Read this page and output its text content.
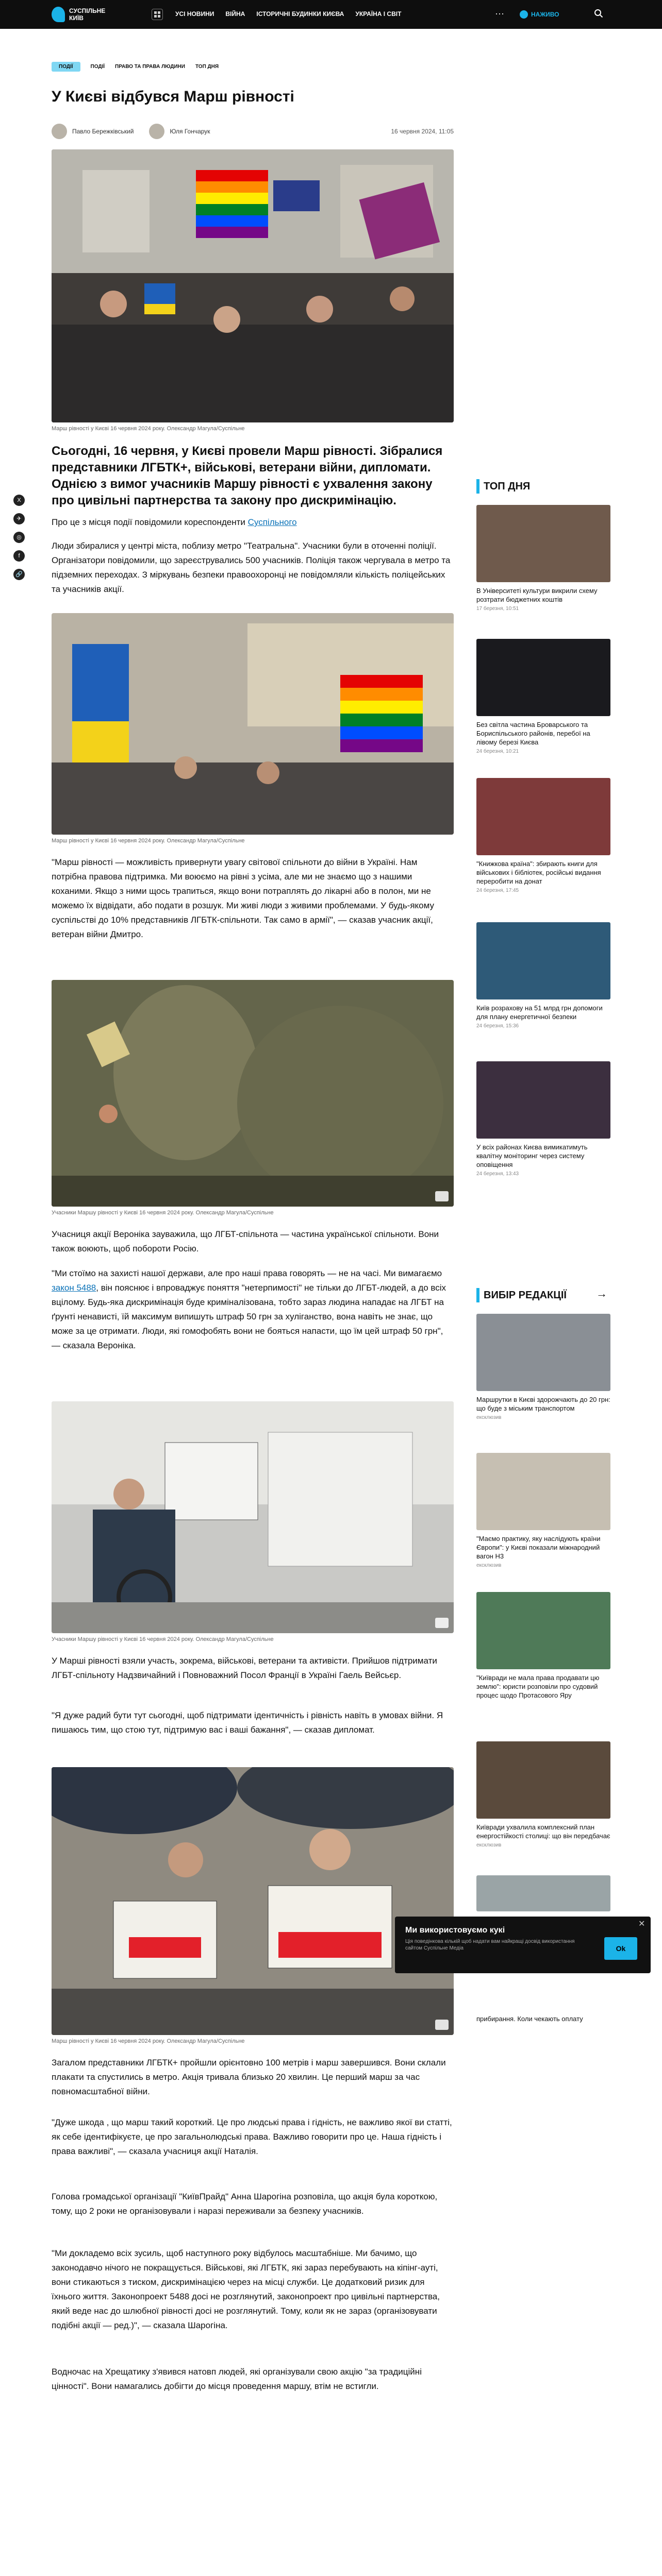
СУСПІЛЬНЕ
КИЇВ
УСІ НОВИНИ ВІЙНА ІСТОРИЧНІ БУДИНКИ КИЄВА УКРАЇНА І СВІТ	···	НАЖИВО
ПОДІЇ	ПОДІЇ ПРАВО ТА ПРАВА ЛЮДИНИ ТОП ДНЯ
У Києві відбувся Марш рівності
Павло Бережківський	Юля Гончарук	16 червня 2024, 11:05
Марш рівності у Києві 16 червня 2024 року. Олександр Магула/Суспільне
X
✈
◎
f
🔗
Сьогодні, 16 червня, у Києві провели Марш рівності. Зібралися представники ЛГБТК+, військові, ветерани війни, дипломати. Однією з вимог учасників Маршу рівності є ухвалення закону про цивільні партнерства та закону про дискримінацію.
Про це з місця події повідомили кореспонденти Суспільного
Люди збиралися у центрі міста, поблизу метро "Театральна". Учасники були в оточенні поліції. Організатори повідомили, що зареєструвались 500 учасників. Поліція також чергувала в метро та підземних переходах. З міркувань безпеки правоохоронці не повідомляли кількість поліцейських та учасників акції.
Марш рівності у Києві 16 червня 2024 року. Олександр Магула/Суспільне
"Марш рівності — можливість привернути увагу світової спільноти до війни в Україні. Нам потрібна правова підтримка. Ми воюємо на рівні з усіма, але ми не знаємо що з нашими коханими. Якщо з ними щось трапиться, якщо вони потраплять до лікарні або в полон, ми не можемо їх відвідати, або подати в розшук. Ми живі люди з живими проблемами. У будь-якому суспільстві до 10% представників ЛГБТК-спільноти. Так само в армії", — сказав учасник акції, ветеран війни Дмитро.
Учасники Маршу рівності у Києві 16 червня 2024 року. Олександр Магула/Суспільне
Учасниця акції Вероніка зауважила, що ЛГБТ-спільнота — частина української спільноти. Вони також воюють, щоб побороти Росію.
"Ми стоїмо на захисті нашої держави, але про наші права говорять — не на часі. Ми вимагаємо закон 5488, він пояснює і впроваджує поняття "нетерпимості" не тільки до ЛГБТ-людей, а до всіх вцілому. Будь-яка дискримінація буде криміналізована, тобто зараз людина нападає на ЛГБТ на ґрунті ненависті, їй максимум випишуть штраф 50 грн за хуліганство, вона навіть не знає, що може за це отримати. Люди, які гомофобять вони не бояться напасти, що їм цей штраф 50 грн", — сказала Вероніка.
Учасники Маршу рівності у Києві 16 червня 2024 року. Олександр Магула/Суспільне
У Марші рівності взяли участь, зокрема, військові, ветерани та активісти. Прийшов підтримати ЛГБТ-спільноту Надзвичайний і Повноважний Посол Франції в Україні Гаель Вейсьєр.
"Я дуже радий бути тут сьогодні, щоб підтримати ідентичність і рівність навіть в умовах війни. Я пишаюсь тим, що стою тут, підтримую вас і ваші бажання", — сказав дипломат.
Марш рівності у Києві 16 червня 2024 року. Олександр Магула/Суспільне
Загалом представники ЛГБТК+ пройшли орієнтовно 100 метрів і марш завершився. Вони склали плакати та спустились в метро. Акція тривала близько 20 хвилин. Це перший марш за час повномасштабної війни.
"Дуже шкода , що марш такий короткий. Це про людські права і гідність, не важливо якої ви статті, як себе ідентифікуєте, це про загальнолюдські права. Важливо говорити про це. Наша гідність і права важливі", — сказала учасниця акції Наталія.
Голова громадської організації "КиївПрайд" Анна Шарогіна розповіла, що акція була короткою, тому, що 2 роки не організовували і наразі переживали за безпеку учасників.
"Ми докладемо всіх зусиль, щоб наступного року відбулось масштабніше. Ми бачимо, що законодавчо нічого не покращується. Військові, які ЛГБТК, які зараз перебувають на кіпінг-ауті, вони стикаються з тиском, дискримінацією через на місці служби. Це додатковий ризик для їхнього життя. Законопроект 5488 досі не розглянутий, законопроект про цивільні партнерства, який веде нас до шлюбної рівності досі не розглянутий. Тому, коли як не зараз (організовувати подібні акції — ред.)", — сказала Шарогіна.
Водночас на Хрещатику з'явився натовп людей, які організували свою акцію "за традиційні цінності". Вони намагались добігти до місця проведення маршу, втім не встигли.
ТОП ДНЯ
В Університеті культури викрили схему розтрати бюджетних коштів
17 березня, 10:51
Без світла частина Броварського та Бориспільського районів, перебої на лівому березі Києва
24 березня, 10:21
"Книжкова країна": збирають книги для військових і бібліотек, російські видання переробити на донат
24 березня, 17:45
Київ розрахову на 51 млрд грн допомоги для плану енергетичної безпеки
24 березня, 15:36
У всіх районах Києва вимикатимуть квалітну моніторинг через систему оповіщення
24 березня, 13:43
ВИБІР РЕДАКЦІЇ	→
Маршрутки в Києві здорожчають до 20 грн: що буде з міським транспортом
ексклюзив
"Маємо практику, яку наслідують країни Європи": у Києві показали міжнародний вагон Н3
ексклюзив
"Київради не мала права продавати цю землю": юристи розповіли про судовий процес щодо Протасового Яру
Київради ухвалила комплексний план енергостійкості столиці: що він передбачає
ексклюзив
прибирання. Коли чекають оплату
Ми використовуємо кукі
Ція поведінкова кількій щоб надати вам найкращі досвід використання сайтом Суспільне Медіа	Ok
✕
